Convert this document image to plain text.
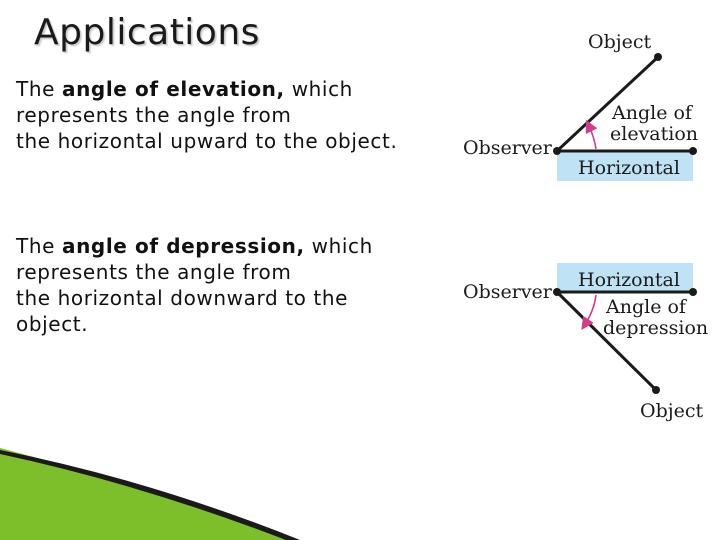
Applications
The angle of elevation, which
represents the angle from
the horizontal upward to the object.
The angle of depression, which
represents the angle from
the horizontal downward to the
object.
Object
Angle of
elevation
Observer
Horizontal
Observer
Horizontal
Angle of
depression
Object
